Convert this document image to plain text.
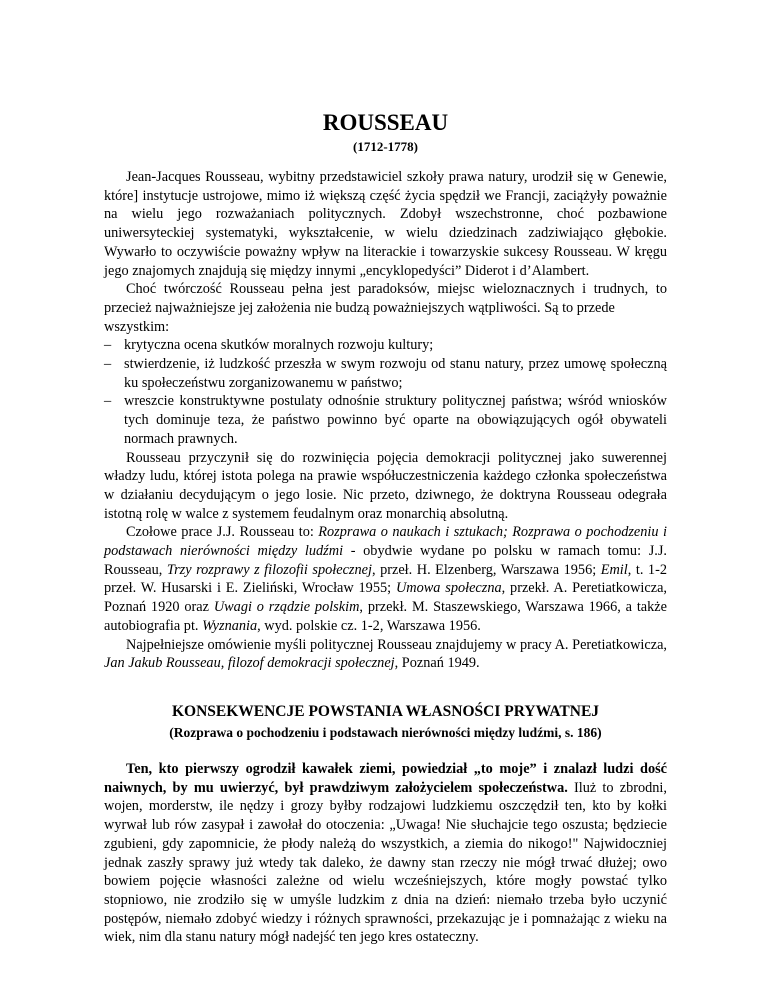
ROUSSEAU
(1712-1778)

Jean-Jacques Rousseau, wybitny przedstawiciel szkoły prawa natury, urodził się w Genewie, które] instytucje ustrojowe, mimo iż większą część życia spędził we Francji, zaciążyły poważnie na wielu jego rozważaniach politycznych. Zdobył wszechstronne, choć pozbawione uniwersyteckiej systematyki, wykształcenie, w wielu dziedzinach zadziwiająco głębokie. Wywarło to oczywiście poważny wpływ na literackie i towarzyskie sukcesy Rousseau. W kręgu jego znajomych znajdują się między innymi „encyklopedyści” Diderot i d’Alambert.

Choć twórczość Rousseau pełna jest paradoksów, miejsc wieloznacznych i trudnych, to przecież najważniejsze jej założenia nie budzą poważniejszych wątpliwości. Są to przede

wszystkim:
– krytyczna ocena skutków moralnych rozwoju kultury;
– stwierdzenie, iż ludzkość przeszła w swym rozwoju od stanu natury, przez umowę społeczną ku społeczeństwu zorganizowanemu w państwo;
– wreszcie konstruktywne postulaty odnośnie struktury politycznej państwa; wśród wniosków tych dominuje teza, że państwo powinno być oparte na obowiązujących ogół obywateli normach prawnych.

Rousseau przyczynił się do rozwinięcia pojęcia demokracji politycznej jako suwerennej władzy ludu, której istota polega na prawie współuczestniczenia każdego członka społeczeństwa w działaniu decydującym o jego losie. Nic przeto, dziwnego, że doktryna Rousseau odegrała istotną rolę w walce z systemem feudalnym oraz monarchią absolutną.

Czołowe prace J.J. Rousseau to: Rozprawa o naukach i sztukach; Rozprawa o pochodzeniu i podstawach nierówności między ludźmi - obydwie wydane po polsku w ramach tomu: J.J. Rousseau, Trzy rozprawy z filozofii społecznej, przeł. H. Elzenberg, Warszawa 1956; Emil, t. 1-2 przeł. W. Husarski i E. Zieliński, Wrocław 1955; Umowa społeczna, przekł. A. Peretiatkowicza, Poznań 1920 oraz Uwagi o rządzie polskim, przekł. M. Staszewskiego, Warszawa 1966, a także autobiografia pt. Wyznania, wyd. polskie cz. 1-2, Warszawa 1956.

Najpełniejsze omówienie myśli politycznej Rousseau znajdujemy w pracy A. Peretiatkowicza, Jan Jakub Rousseau, filozof demokracji społecznej, Poznań 1949.

KONSEKWENCJE POWSTANIA WŁASNOŚCI PRYWATNEJ
(Rozprawa o pochodzeniu i podstawach nierówności między ludźmi, s. 186)

Ten, kto pierwszy ogrodził kawałek ziemi, powiedział „to moje” i znalazł ludzi dość naiwnych, by mu uwierzyć, był prawdziwym założycielem społeczeństwa. Iluż to zbrodni, wojen, morderstw, ile nędzy i grozy byłby rodzajowi ludzkiemu oszczędził ten, kto by kołki wyrwał lub rów zasypał i zawołał do otoczenia: „Uwaga! Nie słuchajcie tego oszusta; będziecie zgubieni, gdy zapomnicie, że płody należą do wszystkich, a ziemia do nikogo!" Najwidoczniej jednak zaszły sprawy już wtedy tak daleko, że dawny stan rzeczy nie mógł trwać dłużej; owo bowiem pojęcie własności zależne od wielu wcześniejszych, które mogły powstać tylko stopniowo, nie zrodziło się w umyśle ludzkim z dnia na dzień: niemało trzeba było uczynić postępów, niemało zdobyć wiedzy i różnych sprawności, przekazując je i pomnażając z wieku na wiek, nim dla stanu natury mógł nadejść ten jego kres ostateczny.
